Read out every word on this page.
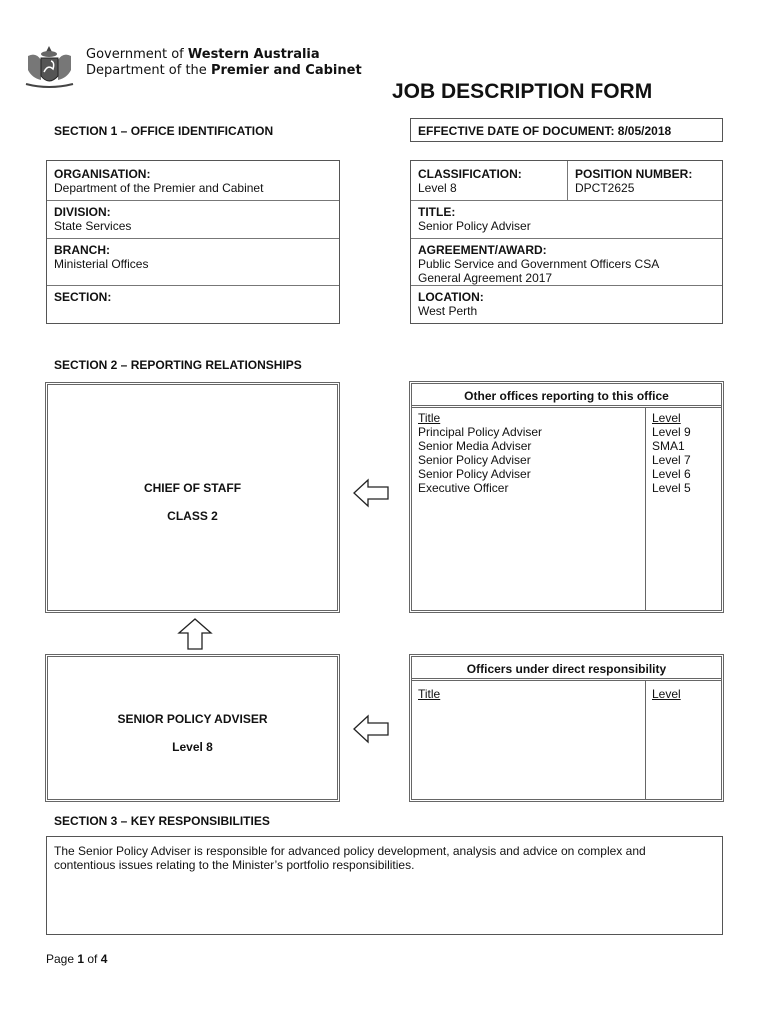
Government of Western Australia
Department of the Premier and Cabinet
JOB DESCRIPTION FORM
SECTION 1 – OFFICE IDENTIFICATION	EFFECTIVE DATE OF DOCUMENT: 8/05/2018
ORGANISATION:
Department of the Premier and Cabinet
DIVISION:
State Services
BRANCH:
Ministerial Offices
SECTION:
CLASSIFICATION:
Level 8
POSITION NUMBER:
DPCT2625
TITLE:
Senior Policy Adviser
AGREEMENT/AWARD:
Public Service and Government Officers CSA
General Agreement 2017
LOCATION:
West Perth
SECTION 2 – REPORTING RELATIONSHIPS
CHIEF OF STAFF
CLASS 2
Other offices reporting to this office
Title	Level
Principal Policy Adviser	Level 9
Senior Media Adviser	SMA1
Senior Policy Adviser	Level 7
Senior Policy Adviser	Level 6
Executive Officer	Level 5
SENIOR POLICY ADVISER
Level 8
Officers under direct responsibility
Title	Level
SECTION 3 – KEY RESPONSIBILITIES
The Senior Policy Adviser is responsible for advanced policy development, analysis and advice on complex and
contentious issues relating to the Minister’s portfolio responsibilities.
Page 1 of 4
